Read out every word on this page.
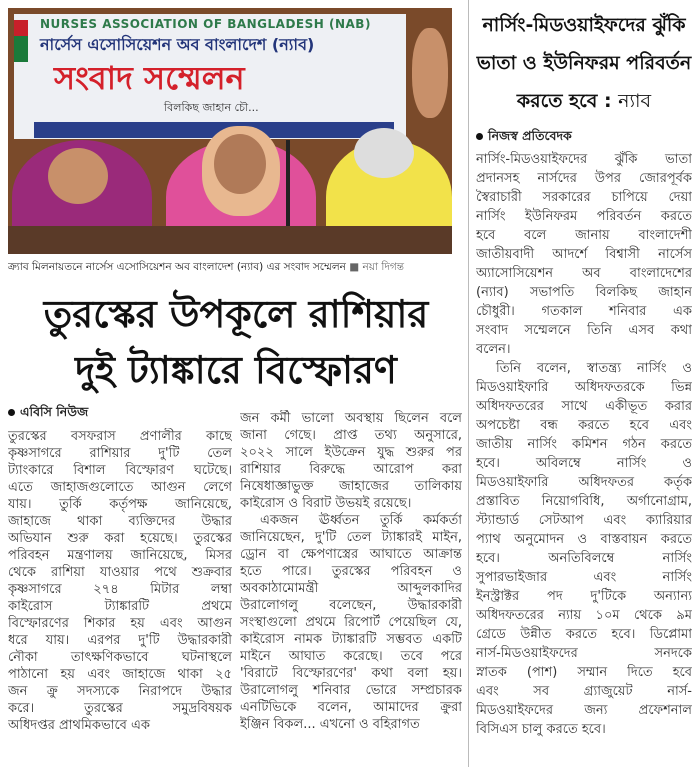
NURSES ASSOCIATION OF BANGLADESH (NAB)
নার্সেস এসোসিয়েশন অব বাংলাদেশ (ন্যাব)
সংবাদ সম্মেলন
বিলকিছ জাহান চৌ...
ক্র্যাব মিলনায়তনে নার্সেস এসোসিয়েশন অব বাংলাদেশ (ন্যাব) এর সংবাদ সম্মেলন ■ নয়া দিগন্ত
তুরস্কের উপকূলে রাশিয়ার
দুই ট্যাঙ্কারে বিস্ফোরণ
এবিসি নিউজ
তুরস্কের বসফরাস প্রণালীর কাছে
কৃষ্ণসাগরে রাশিয়ার দু'টি তেল
ট্যাংকারে বিশাল বিস্ফোরণ ঘটেছে।
এতে জাহাজগুলোতে আগুন লেগে
যায়। তুর্কি কর্তৃপক্ষ জানিয়েছে,
জাহাজে থাকা ব্যক্তিদের উদ্ধার
অভিযান শুরু করা হয়েছে। তুরস্কের
পরিবহন মন্ত্রণালয় জানিয়েছে, মিসর
থেকে রাশিয়া যাওয়ার পথে শুক্রবার
কৃষ্ণসাগরে ২৭৪ মিটার লম্বা
কাইরোস ট্যাঙ্কারটি প্রথমে
বিস্ফোরণের শিকার হয় এবং আগুন
ধরে যায়। এরপর দু'টি উদ্ধারকারী
নৌকা তাৎক্ষণিকভাবে ঘটনাস্থলে
পাঠানো হয় এবং জাহাজে থাকা ২৫
জন ক্রু সদস্যকে নিরাপদে উদ্ধার
করে। তুরস্কের সমুদ্রবিষয়ক
অধিদপ্তর প্রাথমিকভাবে এক
জন কর্মী ভালো অবস্থায় ছিলেন বলে
জানা গেছে। প্রাপ্ত তথ্য অনুসারে,
২০২২ সালে ইউক্রেন যুদ্ধ শুরুর পর
রাশিয়ার বিরুদ্ধে আরোপ করা
নিষেধাজ্ঞাভুক্ত জাহাজের তালিকায়
কাইরোস ও বিরাট উভয়ই রয়েছে।
একজন ঊর্ধ্বতন তুর্কি কর্মকর্তা
জানিয়েছেন, দু'টি তেল ট্যাঙ্কারই মাইন,
ড্রোন বা ক্ষেপণাস্ত্রের আঘাতে আক্রান্ত
হতে পারে। তুরস্কের পরিবহন ও
অবকাঠামোমন্ত্রী আব্দুলকাদির
উরালোগলু বলেছেন, উদ্ধারকারী
সংস্থাগুলো প্রথমে রিপোর্ট পেয়েছিল যে,
কাইরোস নামক ট্যাঙ্কারটি সম্ভবত একটি
মাইনে আঘাত করেছে। তবে পরে
'বিরাটে বিস্ফোরণের' কথা বলা হয়।
উরালোগলু শনিবার ভোরে সম্প্রচারক
এনটিভিকে বলেন, আমাদের ক্রুরা
ইঞ্জিন বিকল... এখনো ও বহিরাগত
নার্সিং-মিডওয়াইফদের ঝুঁকি
ভাতা ও ইউনিফরম পরিবর্তন
করতে হবে : ন্যাব
নিজস্ব প্রতিবেদক
নার্সিং-মিডওয়াইফদের ঝুঁকি ভাতা
প্রদানসহ নার্সদের উপর জোরপূর্বক
স্বৈরাচারী সরকারের চাপিয়ে দেয়া
নার্সিং ইউনিফরম পরিবর্তন করতে
হবে বলে জানায় বাংলাদেশী
জাতীয়বাদী আদর্শে বিশ্বাসী নার্সেস
অ্যাসোসিয়েশন অব বাংলাদেশের
(ন্যাব) সভাপতি বিলকিছ জাহান
চৌধুরী। গতকাল শনিবার এক
সংবাদ সম্মেলনে তিনি এসব কথা
বলেন।
তিনি বলেন, স্বাতন্ত্র্য নার্সিং ও
মিডওয়াইফারি অধিদফতরকে ভিন্ন
অধিদফতরের সাথে একীভূত করার
অপচেষ্টা বন্ধ করতে হবে এবং
জাতীয় নার্সিং কমিশন গঠন করতে
হবে। অবিলম্বে নার্সিং ও
মিডওয়াইফারি অধিদফতর কর্তৃক
প্রস্তাবিত নিয়োগবিধি, অর্গানোগ্রাম,
স্ট্যান্ডার্ড সেটআপ এবং ক্যারিয়ার
প্যাথ অনুমোদন ও বাস্তবায়ন করতে
হবে। অনতিবিলম্বে নার্সিং
সুপারভাইজার এবং নার্সিং
ইনস্ট্রাক্টর পদ দু'টিকে অন্যান্য
অধিদফতরের ন্যায় ১০ম থেকে ৯ম
গ্রেডে উন্নীত করতে হবে। ডিপ্লোমা
নার্স-মিডওয়াইফদের সনদকে
স্নাতক (পাশ) সম্মান দিতে হবে
এবং সব গ্র্যাজুয়েট নার্স-
মিডওয়াইফদের জন্য প্রফেশনাল
বিসিএস চালু করতে হবে।
